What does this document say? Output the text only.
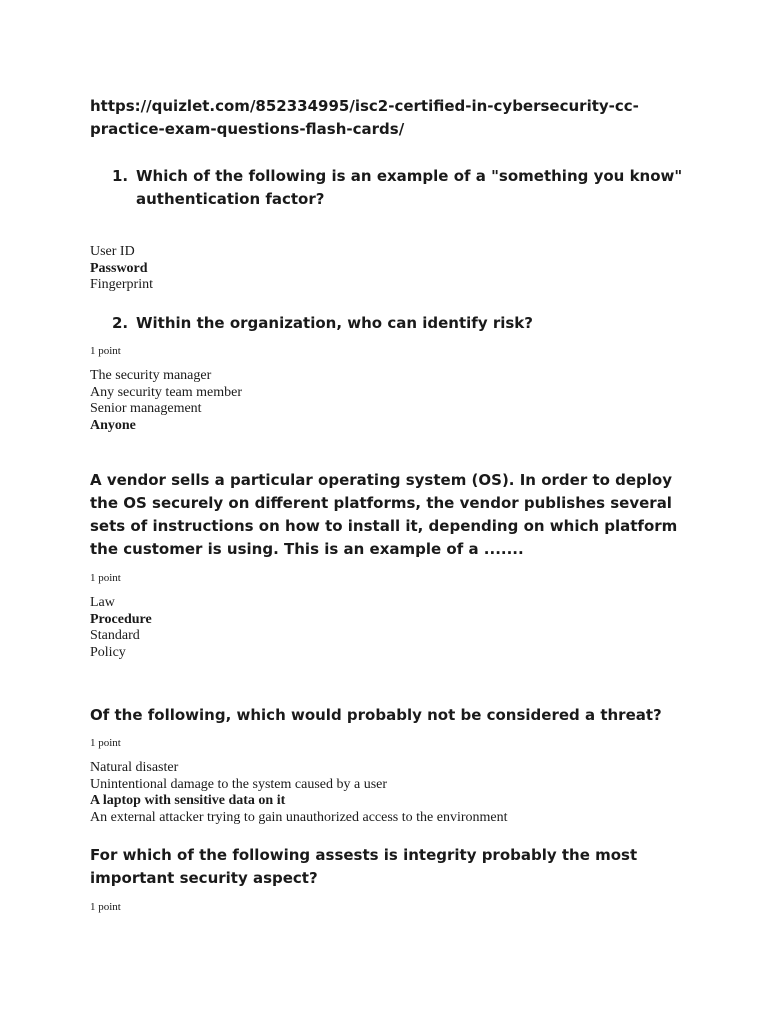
https://quizlet.com/852334995/isc2-certified-in-cybersecurity-cc-
practice-exam-questions-flash-cards/
1. Which of the following is an example of a "something you know"
authentication factor?
User ID
Password
Fingerprint
2. Within the organization, who can identify risk?
1 point
The security manager
Any security team member
Senior management
Anyone
A vendor sells a particular operating system (OS). In order to deploy
the OS securely on different platforms, the vendor publishes several
sets of instructions on how to install it, depending on which platform
the customer is using. This is an example of a .......
1 point
Law
Procedure
Standard
Policy
Of the following, which would probably not be considered a threat?
1 point
Natural disaster
Unintentional damage to the system caused by a user
A laptop with sensitive data on it
An external attacker trying to gain unauthorized access to the environment
For which of the following assests is integrity probably the most
important security aspect?
1 point
